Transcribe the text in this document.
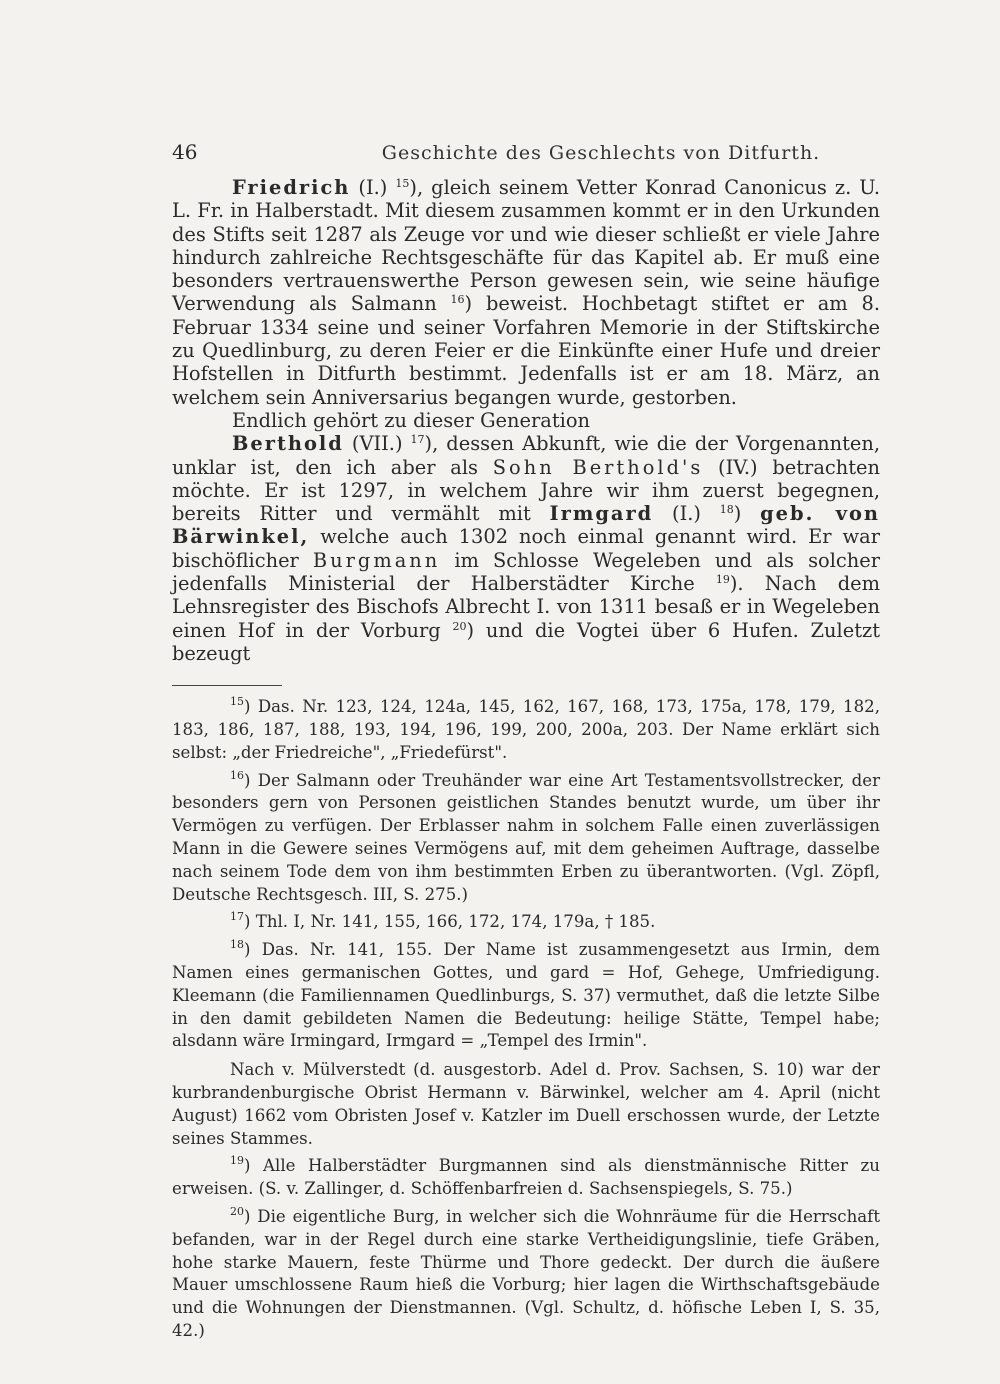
46	Geschichte des Geschlechts von Ditfurth.

Friedrich (I.) $^{15}$), gleich seinem Vetter Konrad Canonicus z. U. L. Fr. in Halberstadt. Mit diesem zusammen kommt er in den Urkunden des Stifts seit 1287 als Zeuge vor und wie dieser schließt er viele Jahre hindurch zahlreiche Rechtsgeschäfte für das Kapitel ab. Er muß eine besonders vertrauenswerthe Person gewesen sein, wie seine häufige Verwendung als Salmann $^{16}$) beweist. Hochbetagt stiftet er am 8. Februar 1334 seine und seiner Vorfahren Memorie in der Stiftskirche zu Quedlinburg, zu deren Feier er die Einkünfte einer Hufe und dreier Hofstellen in Ditfurth bestimmt. Jedenfalls ist er am 18. März, an welchem sein Anniversarius begangen wurde, gestorben.

Endlich gehört zu dieser Generation

Berthold (VII.) $^{17}$), dessen Abkunft, wie die der Vorgenannten, unklar ist, den ich aber als Sohn Berthold's (IV.) betrachten möchte. Er ist 1297, in welchem Jahre wir ihm zuerst begegnen, bereits Ritter und vermählt mit Irmgard (I.) $^{18}$) geb. von Bärwinkel, welche auch 1302 noch einmal genannt wird. Er war bischöflicher Burgmann im Schlosse Wegeleben und als solcher jedenfalls Ministerial der Halberstädter Kirche $^{19}$). Nach dem Lehnsregister des Bischofs Albrecht I. von 1311 besaß er in Wegeleben einen Hof in der Vorburg $^{20}$) und die Vogtei über 6 Hufen. Zuletzt bezeugt

$^{15}$) Das. Nr. 123, 124, 124a, 145, 162, 167, 168, 173, 175a, 178, 179, 182, 183, 186, 187, 188, 193, 194, 196, 199, 200, 200a, 203. Der Name erklärt sich selbst: „der Friedreiche", „Friedefürst".

$^{16}$) Der Salmann oder Treuhänder war eine Art Testamentsvollstrecker, der besonders gern von Personen geistlichen Standes benutzt wurde, um über ihr Vermögen zu verfügen. Der Erblasser nahm in solchem Falle einen zuverlässigen Mann in die Gewere seines Vermögens auf, mit dem geheimen Auftrage, dasselbe nach seinem Tode dem von ihm bestimmten Erben zu überantworten. (Vgl. Zöpfl, Deutsche Rechtsgesch. III, S. 275.)

$^{17}$) Thl. I, Nr. 141, 155, 166, 172, 174, 179a, † 185.

$^{18}$) Das. Nr. 141, 155. Der Name ist zusammengesetzt aus Irmin, dem Namen eines germanischen Gottes, und gard = Hof, Gehege, Umfriedigung. Kleemann (die Familiennamen Quedlinburgs, S. 37) vermuthet, daß die letzte Silbe in den damit gebildeten Namen die Bedeutung: heilige Stätte, Tempel habe; alsdann wäre Irmingard, Irmgard = „Tempel des Irmin".

Nach v. Mülverstedt (d. ausgestorb. Adel d. Prov. Sachsen, S. 10) war der kurbrandenburgische Obrist Hermann v. Bärwinkel, welcher am 4. April (nicht August) 1662 vom Obristen Josef v. Katzler im Duell erschossen wurde, der Letzte seines Stammes.

$^{19}$) Alle Halberstädter Burgmannen sind als dienstmännische Ritter zu erweisen. (S. v. Zallinger, d. Schöffenbarfreien d. Sachsenspiegels, S. 75.)

$^{20}$) Die eigentliche Burg, in welcher sich die Wohnräume für die Herrschaft befanden, war in der Regel durch eine starke Vertheidigungslinie, tiefe Gräben, hohe starke Mauern, feste Thürme und Thore gedeckt. Der durch die äußere Mauer umschlossene Raum hieß die Vorburg; hier lagen die Wirthschaftsgebäude und die Wohnungen der Dienstmannen. (Vgl. Schultz, d. höfische Leben I, S. 35, 42.)
